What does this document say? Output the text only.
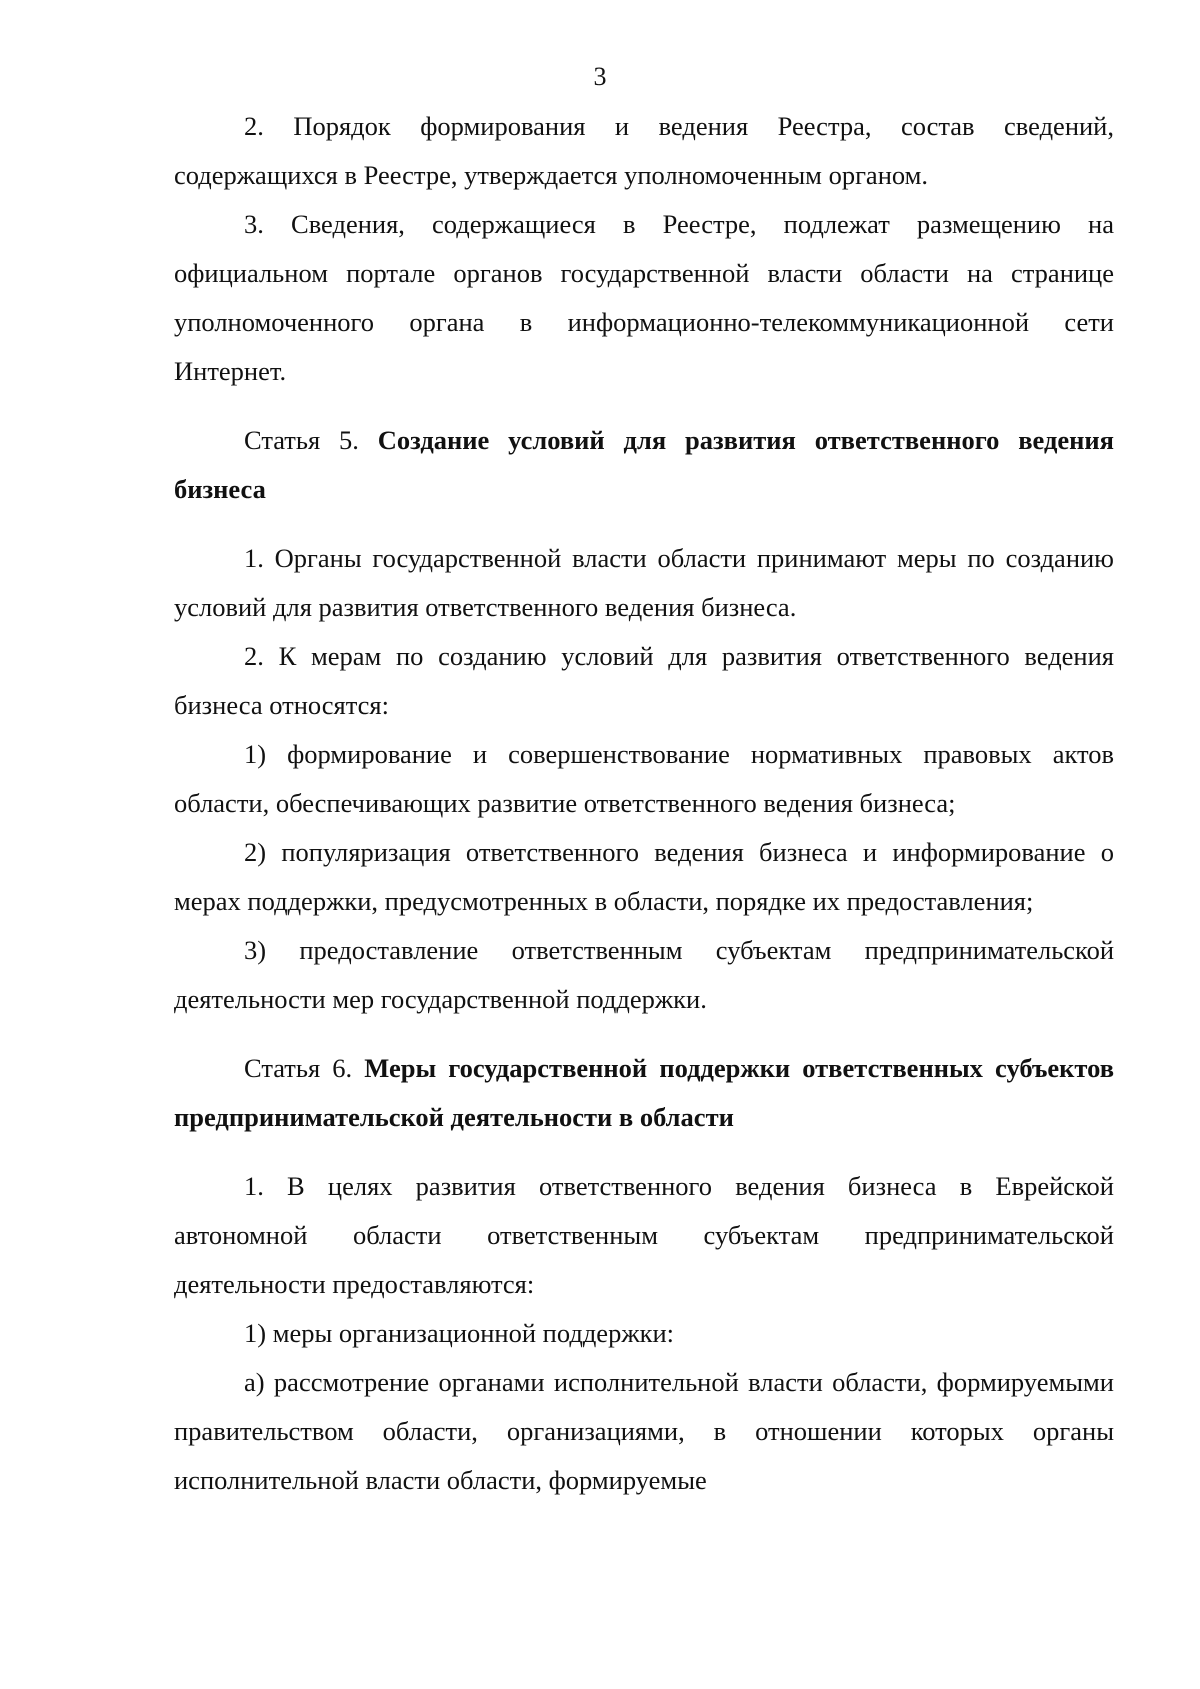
3

2. Порядок формирования и ведения Реестра, состав сведений, содержащихся в Реестре, утверждается уполномоченным органом.

3. Сведения, содержащиеся в Реестре, подлежат размещению на официальном портале органов государственной власти области на странице уполномоченного органа в информационно-телекоммуникационной сети Интернет.

Статья 5. Создание условий для развития ответственного ведения бизнеса

1. Органы государственной власти области принимают меры по созданию условий для развития ответственного ведения бизнеса.

2. К мерам по созданию условий для развития ответственного ведения бизнеса относятся:

1) формирование и совершенствование нормативных правовых актов области, обеспечивающих развитие ответственного ведения бизнеса;

2) популяризация ответственного ведения бизнеса и информирование о мерах поддержки, предусмотренных в области, порядке их предоставления;

3) предоставление ответственным субъектам предпринимательской деятельности мер государственной поддержки.

Статья 6. Меры государственной поддержки ответственных субъектов предпринимательской деятельности в области

1. В целях развития ответственного ведения бизнеса в Еврейской автономной области ответственным субъектам предпринимательской деятельности предоставляются:

1) меры организационной поддержки:

а) рассмотрение органами исполнительной власти области, формируемыми правительством области, организациями, в отношении которых органы исполнительной власти области, формируемые
